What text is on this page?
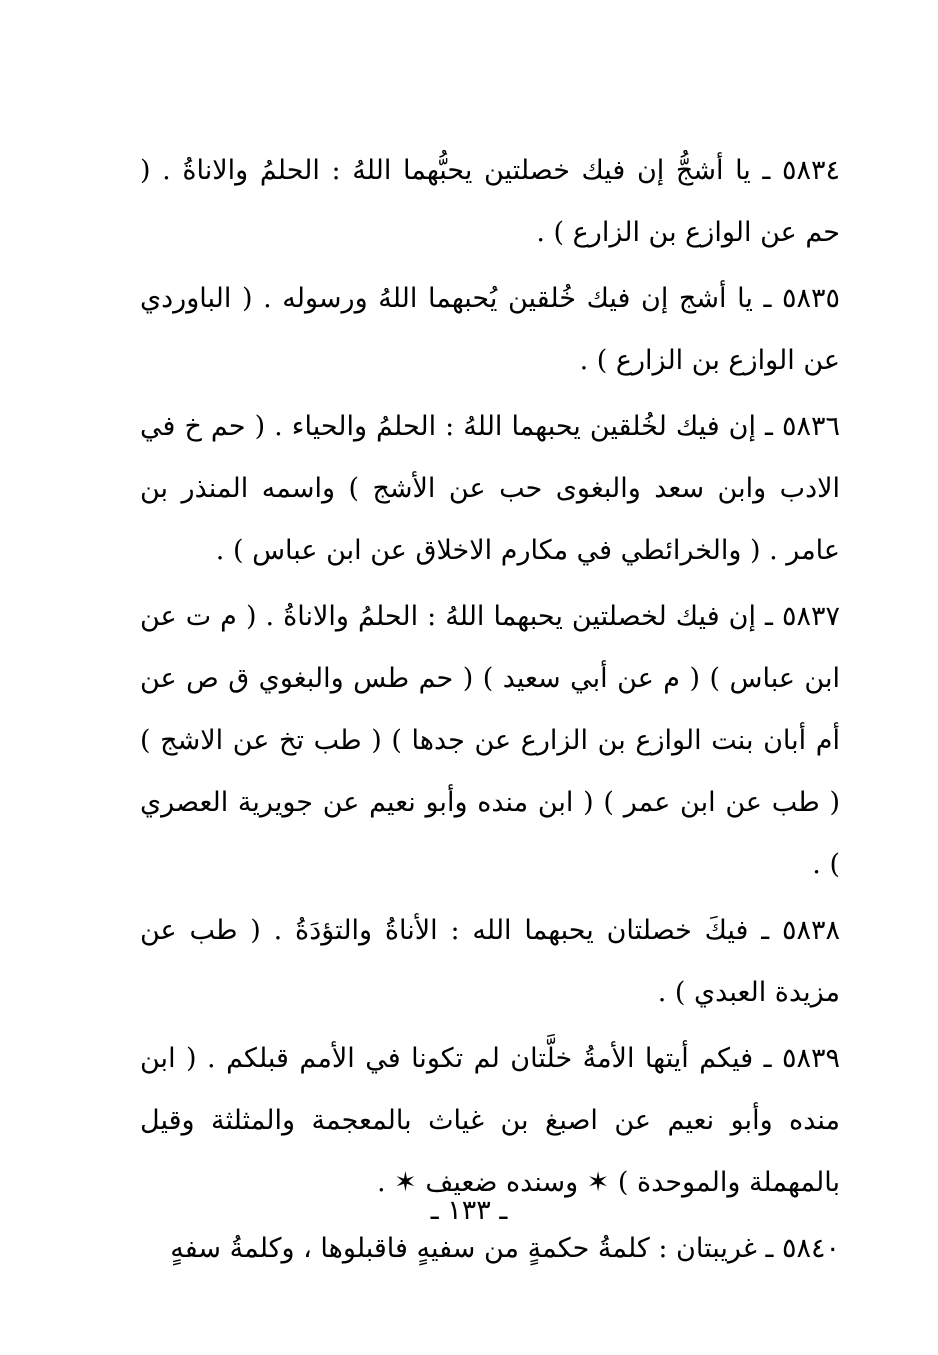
٥٨٣٤ ـ يا أشجُّ إن فيك خصلتين يحبُّهما اللهُ : الحلمُ والاناةُ . ( حم عن الوازع بن الزارع ) .

٥٨٣٥ ـ يا أشج إن فيك خُلقين يُحبهما اللهُ ورسوله . ( الباوردي عن الوازع بن الزارع ) .

٥٨٣٦ ـ إن فيك لخُلقين يحبهما اللهُ : الحلمُ والحياء . ( حم خ في الادب وابن سعد والبغوى حب عن الأشج ) واسمه المنذر بن عامر . ( والخرائطي في مكارم الاخلاق عن ابن عباس ) .

٥٨٣٧ ـ إن فيك لخصلتين يحبهما اللهُ : الحلمُ والاناةُ . ( م ت عن ابن عباس ) ( م عن أبي سعيد ) ( حم طس والبغوي ق ص عن أم أبان بنت الوازع بن الزارع عن جدها ) ( طب تخ عن الاشج ) ( طب عن ابن عمر ) ( ابن منده وأبو نعيم عن جويرية العصري ) .

٥٨٣٨ ـ فيكَ خصلتان يحبهما الله : الأناةُ والتؤدَةُ . ( طب عن مزيدة العبدي ) .

٥٨٣٩ ـ فيكم أيتها الأمةُ خلَّتان لم تكونا في الأمم قبلكم . ( ابن منده وأبو نعيم عن اصبغ بن غياث بالمعجمة والمثلثة وقيل بالمهملة والموحدة ) ✶ وسنده ضعيف ✶ .

٥٨٤٠ ـ غريبتان : كلمةُ حكمةٍ من سفيهٍ فاقبلوها ، وكلمةُ سفهٍ

ـ ١٣٣ ـ
